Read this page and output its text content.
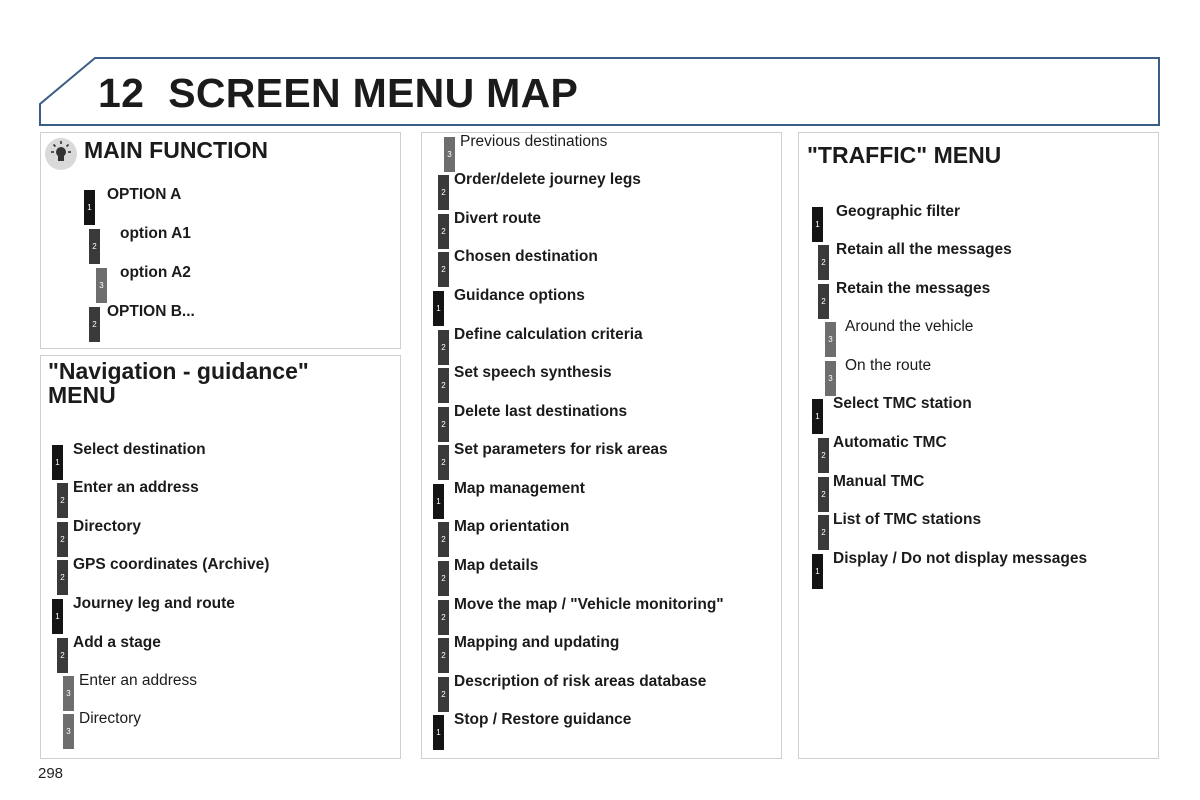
12 SCREEN MENU MAP
MAIN FUNCTION
1
OPTION A
2
option A1
3
option A2
2
OPTION B...
"Navigation - guidance"
MENU
1
Select destination
2
Enter an address
2
Directory
2
GPS coordinates (Archive)
1
Journey leg and route
2
Add a stage
3
Enter an address
3
Directory
3
Previous destinations
2
Order/delete journey legs
2
Divert route
2
Chosen destination
1
Guidance options
2
Define calculation criteria
2
Set speech synthesis
2
Delete last destinations
2
Set parameters for risk areas
1
Map management
2
Map orientation
2
Map details
2
Move the map / "Vehicle monitoring"
2
Mapping and updating
2
Description of risk areas database
1
Stop / Restore guidance
"TRAFFIC" MENU
1
Geographic filter
2
Retain all the messages
2
Retain the messages
3
Around the vehicle
3
On the route
1
Select TMC station
2
Automatic TMC
2
Manual TMC
2
List of TMC stations
1
Display / Do not display messages
298
